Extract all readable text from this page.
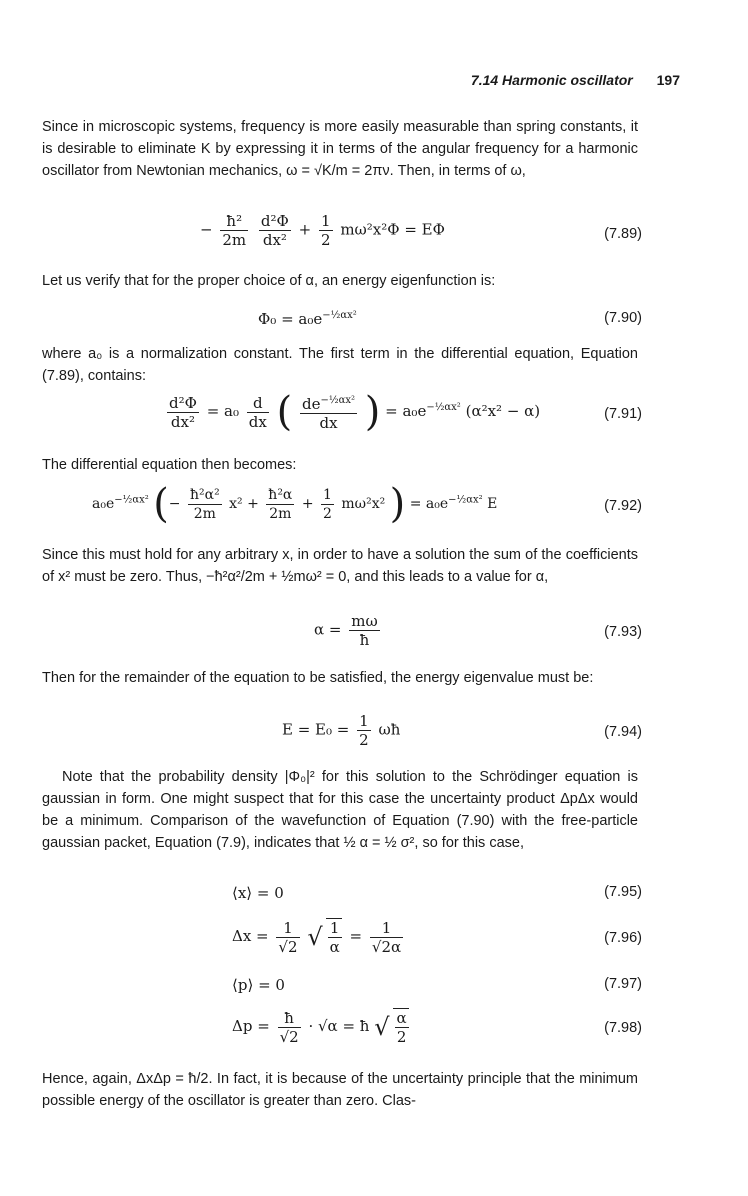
7.14 Harmonic oscillator 197
Since in microscopic systems, frequency is more easily measurable than spring constants, it is desirable to eliminate K by expressing it in terms of the angular frequency for a harmonic oscillator from Newtonian mechanics, ω = √K/m = 2πν. Then, in terms of ω,
− $\frac{\text{ħ²}}{2m}$
$\frac{\text{d²Φ}}{\text{dx²}} + \frac{1}{2} m\omega^2x^2\Phi = E\Phi$	(7.89)
Let us verify that for the proper choice of α, an energy eigenfunction is:
$\Phi_0 = a_0e^{-\frac{1}{2}\alpha x^2}$	(7.90)
where a₀ is a normalization constant. The first term in the differential equation, Equation (7.89), contains:
$\frac{\text{d²Φ}}{\text{dx²}} = a_0 \frac{d}{dx}$ ( $\frac{de^{-\frac{1}{2}\alpha x^2}}{dx}$ ) = $a_0e^{-\frac{1}{2}\alpha x^2}$ (α²x² − α)	(7.91)
The differential equation then becomes:
$a_0e^{-\frac{1}{2}\alpha x^2}$ (− $\frac{\text{ħ²α²}}{2m} x^2 + \frac{\text{ħ²α}}{2m} + \frac{1}{2} m\omega^2x^2$ ) = $a_0e^{-\frac{1}{2}\alpha x^2}$ E	(7.92)
Since this must hold for any arbitrary x, in order to have a solution the sum of the coefficients of x² must be zero. Thus, −ħ²α²/2m + ½mω² = 0, and this leads to a value for α,
$\alpha = \frac{m\omega}{ħ}$	(7.93)
Then for the remainder of the equation to be satisfied, the energy eigenvalue must be:
$E = E_0 = \frac{1}{2}$ ωħ	(7.94)
Note that the probability density |Φ₀|² for this solution to the Schrödinger equation is gaussian in form. One might suspect that for this case the uncertainty product ΔpΔx would be a minimum. Comparison of the wavefunction of Equation (7.90) with the free-particle gaussian packet, Equation (7.9), indicates that ½ α = ½ σ², so for this case,
⟨x⟩ = 0	(7.95)
$\Delta x = \frac{1}{√2}$ √ $\frac{1}{\alpha} = \frac{1}{√2\alpha}$	(7.96)
⟨p⟩ = 0	(7.97)
$\Delta p = \frac{ħ}{√2} \cdot √\alpha$ = ħ √ $\frac{\alpha}{2}$	(7.98)
Hence, again, ΔxΔp = ħ/2. In fact, it is because of the uncertainty principle that the minimum possible energy of the oscillator is greater than zero. Clas-
